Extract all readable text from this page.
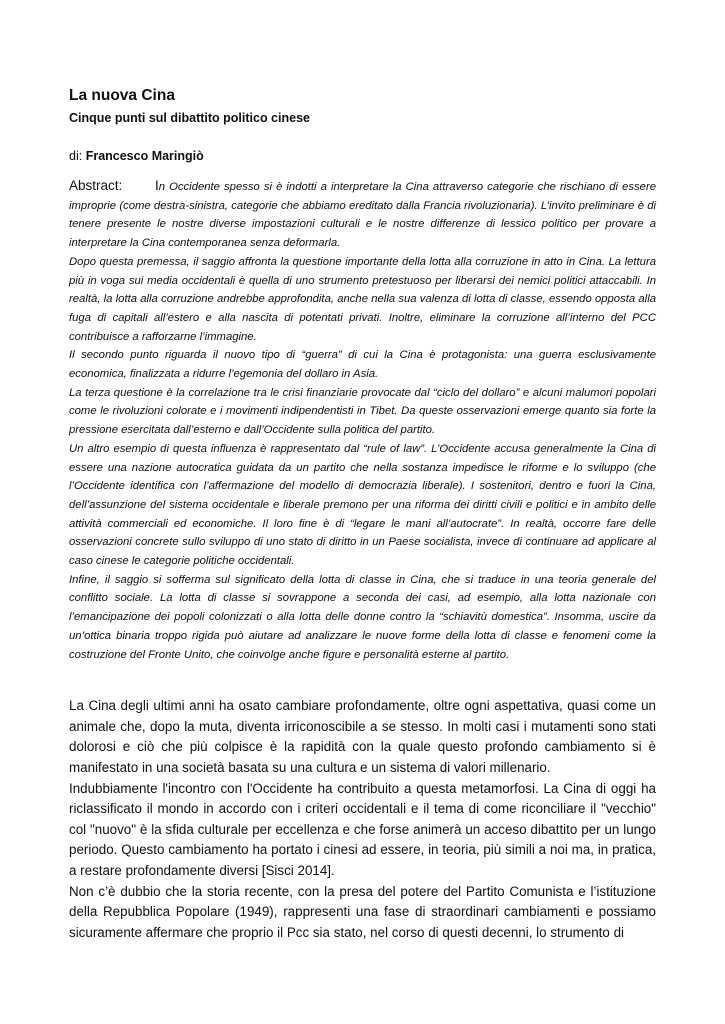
La nuova Cina
Cinque punti sul dibattito politico cinese

di: Francesco Maringiò

Abstract: In Occidente spesso si è indotti a interpretare la Cina attraverso categorie che rischiano di essere improprie (come destra-sinistra, categorie che abbiamo ereditato dalla Francia rivoluzionaria). L’invito preliminare è di tenere presente le nostre diverse impostazioni culturali e le nostre differenze di lessico politico per provare a interpretare la Cina contemporanea senza deformarla.

Dopo questa premessa, il saggio affronta la questione importante della lotta alla corruzione in atto in Cina. La lettura più in voga sui media occidentali è quella di uno strumento pretestuoso per liberarsi dei nemici politici attaccabili. In realtà, la lotta alla corruzione andrebbe approfondita, anche nella sua valenza di lotta di classe, essendo opposta alla fuga di capitali all’estero e alla nascita di potentati privati. Inoltre, eliminare la corruzione all’interno del PCC contribuisce a rafforzarne l’immagine.

Il secondo punto riguarda il nuovo tipo di “guerra” di cui la Cina è protagonista: una guerra esclusivamente economica, finalizzata a ridurre l’egemonia del dollaro in Asia.

La terza questione è la correlazione tra le crisi finanziarie provocate dal “ciclo del dollaro” e alcuni malumori popolari come le rivoluzioni colorate e i movimenti indipendentisti in Tibet. Da queste osservazioni emerge quanto sia forte la pressione esercitata dall’esterno e dall’Occidente sulla politica del partito.

Un altro esempio di questa influenza è rappresentato dal “rule of law”. L’Occidente accusa generalmente la Cina di essere una nazione autocratica guidata da un partito che nella sostanza impedisce le riforme e lo sviluppo (che l’Occidente identifica con l’affermazione del modello di democrazia liberale). I sostenitori, dentro e fuori la Cina, dell’assunzione del sistema occidentale e liberale premono per una riforma dei diritti civili e politici e in ambito delle attività commerciali ed economiche. Il loro fine è di “legare le mani all’autocrate”. In realtà, occorre fare delle osservazioni concrete sullo sviluppo di uno stato di diritto in un Paese socialista, invece di continuare ad applicare al caso cinese le categorie politiche occidentali.

Infine, il saggio si sofferma sul significato della lotta di classe in Cina, che si traduce in una teoria generale del conflitto sociale. La lotta di classe si sovrappone a seconda dei casi, ad esempio, alla lotta nazionale con l’emancipazione dei popoli colonizzati o alla lotta delle donne contro la “schiavitù domestica”. Insomma, uscire da un’ottica binaria troppo rigida può aiutare ad analizzare le nuove forme della lotta di classe e fenomeni come la costruzione del Fronte Unito, che coinvolge anche figure e personalità esterne al partito.

La Cina degli ultimi anni ha osato cambiare profondamente, oltre ogni aspettativa, quasi come un animale che, dopo la muta, diventa irriconoscibile a se stesso. In molti casi i mutamenti sono stati dolorosi e ciò che più colpisce è la rapidità con la quale questo profondo cambiamento si è manifestato in una società basata su una cultura e un sistema di valori millenario.

Indubbiamente l'incontro con l'Occidente ha contribuito a questa metamorfosi. La Cina di oggi ha riclassificato il mondo in accordo con i criteri occidentali e il tema di come riconciliare il "vecchio" col "nuovo" è la sfida culturale per eccellenza e che forse animerà un acceso dibattito per un lungo periodo. Questo cambiamento ha portato i cinesi ad essere, in teoria, più simili a noi ma, in pratica, a restare profondamente diversi [Sisci 2014].

Non c’è dubbio che la storia recente, con la presa del potere del Partito Comunista e l’istituzione della Repubblica Popolare (1949), rappresenti una fase di straordinari cambiamenti e possiamo sicuramente affermare che proprio il Pcc sia stato, nel corso di questi decenni, lo strumento di
